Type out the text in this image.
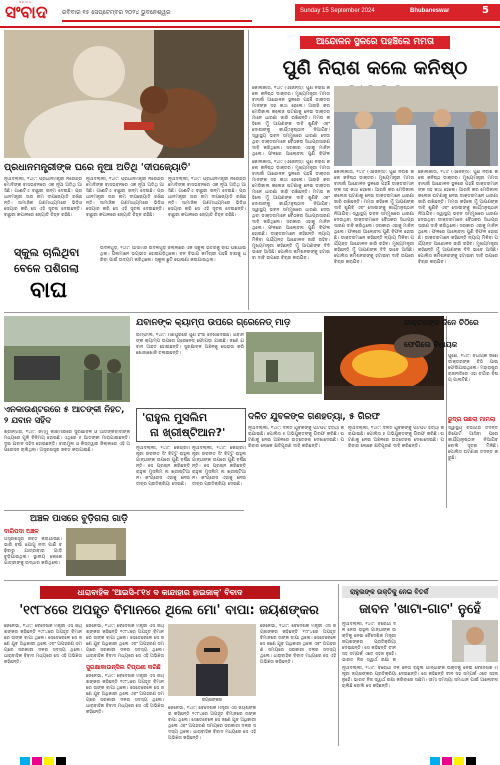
ସମ୍ବାଦ
ସଂବାଦ	ରବିବାର ୧୫ ସେପ୍ଟେମ୍ବର ୨୦୨୪ ଭୁବନେଶ୍ୱର	Sunday 15 September 2024	Bhubaneswar	5
ପ୍ରଧାନମନ୍ତ୍ରୀଙ୍କ ଘରେ ନୂଆ ଅତିଥି 'ଦୀପଜ୍ୟୋତି'
ନୂଆଦିଲ୍ଲୀ, ୧୪ା୯: ପ୍ରଧାନମନ୍ତ୍ରୀ ନରେନ୍ଦ୍ର ମୋଦିଙ୍କ ବାସଭବନରେ ଏକ ନୂଆ ଅତିଥି ଆସିଛି। ଗାଈଟିଏ ବାଛୁରୀ ଜନ୍ମ ଦେଇଛି। ପ୍ରଧାନମନ୍ତ୍ରୀ ତାର ନାମ ଦୀପଜ୍ୟୋତି ରଖିଛନ୍ତି। ସାମାଜିକ ଗଣମାଧ୍ୟମରେ ଭିଡିଓ ସେୟାର କରି ସେ ଏହି ସୂଚନା ଦେଇଛନ୍ତି। ବାଛୁରୀ କପାଳରେ ଜ୍ୟୋତି ଚିହ୍ନ ରହିଛି।
ନୂଆଦିଲ୍ଲୀ, ୧୪ା୯: ପ୍ରଧାନମନ୍ତ୍ରୀ ନରେନ୍ଦ୍ର ମୋଦିଙ୍କ ବାସଭବନରେ ଏକ ନୂଆ ଅତିଥି ଆସିଛି। ଗାଈଟିଏ ବାଛୁରୀ ଜନ୍ମ ଦେଇଛି। ପ୍ରଧାନମନ୍ତ୍ରୀ ତାର ନାମ ଦୀପଜ୍ୟୋତି ରଖିଛନ୍ତି। ସାମାଜିକ ଗଣମାଧ୍ୟମରେ ଭିଡିଓ ସେୟାର କରି ସେ ଏହି ସୂଚନା ଦେଇଛନ୍ତି। ବାଛୁରୀ କପାଳରେ ଜ୍ୟୋତି ଚିହ୍ନ ରହିଛି।
ନୂଆଦିଲ୍ଲୀ, ୧୪ା୯: ପ୍ରଧାନମନ୍ତ୍ରୀ ନରେନ୍ଦ୍ର ମୋଦିଙ୍କ ବାସଭବନରେ ଏକ ନୂଆ ଅତିଥି ଆସିଛି। ଗାଈଟିଏ ବାଛୁରୀ ଜନ୍ମ ଦେଇଛି। ପ୍ରଧାନମନ୍ତ୍ରୀ ତାର ନାମ ଦୀପଜ୍ୟୋତି ରଖିଛନ୍ତି। ସାମାଜିକ ଗଣମାଧ୍ୟମରେ ଭିଡିଓ ସେୟାର କରି ସେ ଏହି ସୂଚନା ଦେଇଛନ୍ତି। ବାଛୁରୀ କପାଳରେ ଜ୍ୟୋତି ଚିହ୍ନ ରହିଛି।
ସ୍କୁଲ ଚାଲିଥିବା
ବେଳେ ପଶିଗଲା
ବାଘ
ଉଦଳଗୁଡ଼ି, ୧୪ା୯: ଆସାମର ଉଦଳଗୁଡ଼ି ଜିଲ୍ଲାରେ ଏକ ସ୍କୁଲ ଭିତରକୁ ବାଘ ପଶିଯାଇଥିଲା। ପିଲାମାନେ ଭୟଭୀତ ହୋଇପଡ଼ିଥିଲେ। ବନ ବିଭାଗ କର୍ମଚାରୀ ପହଞ୍ଚି ବାଘକୁ ଧରିବା ପାଇଁ ଉଦ୍ୟମ କରିଥିଲେ। ସ୍କୁଲ ଛୁଟି ଘୋଷଣା କରାଯାଇଥିଲା।
ଆନ୍ଦୋଳନ ସ୍ଥଳରେ ପହଞ୍ଚିଲେ ମମତା
ପୁଣି ନିରାଶ କଲେ କନିଷ୍ଠ
କୋଲକାତା, ୧୪ା୯ (ଏଜେନ୍ସି): ପୁଣି ନିରାଶ କଲେ କନିଷ୍ଠ ଡାକ୍ତର। ମୁଖ୍ୟମନ୍ତ୍ରୀ ମମତା ବାନାର୍ଜୀ ଆନ୍ଦୋଳନ ସ୍ଥଳରେ ପହଞ୍ଚି ଡାକ୍ତରମାନଙ୍କ ସହ କଥା ହେଲେ। ଆରଜି କର ମେଡିକାଲ କଲେଜ ଘଟଣାକୁ ନେଇ ଡାକ୍ତରମାନେ ଧାରଣା ଜାରି ରଖିଛନ୍ତି। ମମତା କହିଲେ ମୁଁ ଆପଣଙ୍କ ଦାବି ଶୁଣିବି ଏବଂ ଦୋଷୀଙ୍କୁ କାର୍ଯ୍୯ାନୁଷ୍ଠାନ ନିଆଯିବ। ସ୍ୱାସ୍ଥ୍ୟ ଭବନ ସମ୍ମୁଖରେ ଧାରଣା ଦେଉଥିବା ଡାକ୍ତରମାନେ ବୈଠକର ସିଧାପ୍ରସାରଣ ଦାବି କରିଥିଲେ। ସରକାର ଏହାକୁ ମାନିନଥିଲେ। ଫଳରେ ଆଲୋଚନା ପୁଣି ବିଫଳ
କୋଲକାତା, ୧୪ା୯ (ଏଜେନ୍ସି): ପୁଣି ନିରାଶ କଲେ କନିଷ୍ଠ ଡାକ୍ତର। ମୁଖ୍ୟମନ୍ତ୍ରୀ ମମତା ବାନାର୍ଜୀ ଆନ୍ଦୋଳନ ସ୍ଥଳରେ ପହଞ୍ଚି ଡାକ୍ତରମାନଙ୍କ ସହ କଥା ହେଲେ। ଆରଜି କର ମେଡିକାଲ କଲେଜ ଘଟଣାକୁ ନେଇ ଡାକ୍ତରମାନେ ଧାରଣା ଜାରି ରଖିଛନ୍ତି। ମମତା କହିଲେ ମୁଁ ଆପଣଙ୍କ ଦାବି ଶୁଣିବି ଏବଂ ଦୋଷୀଙ୍କୁ କାର୍ଯ୍୯ାନୁଷ୍ଠାନ ନିଆଯିବ। ସ୍ୱାସ୍ଥ୍ୟ ଭବନ ସମ୍ମୁଖରେ ଧାରଣା ଦେଉଥିବା ଡାକ୍ତରମାନେ ବୈଠକର ସିଧାପ୍ରସାରଣ ଦାବି କରିଥିଲେ। ସରକାର ଏହାକୁ ମାନିନଥିଲେ। ଫଳରେ ଆଲୋଚନା ପୁଣି ବିଫଳ ହୋଇଛି। ଡାକ୍ତରମାନେ କହିଛନ୍ତି ନ୍ୟାୟ ମିଳିବା ପର୍ଯ୍ୟନ୍ତ ଆନ୍ଦୋଳନ ଜାରି ରହିବ। ମୁଖ୍ୟମନ୍ତ୍ରୀ କହିଛନ୍ତି ମୁଁ ଆପଣଙ୍କ ଦିଦି ଭାବେ ଆସିଛି। ପୋଲିସ କମିଶନରଙ୍କୁ ହଟାଇବା ଦାବି ଉପରେ ବିଚାର କରାଯିବ।
କୋଲକାତା, ୧୪ା୯ (ଏଜେନ୍ସି): ପୁଣି ନିରାଶ କଲେ କନିଷ୍ଠ ଡାକ୍ତର। ମୁଖ୍ୟମନ୍ତ୍ରୀ ମମତା ବାନାର୍ଜୀ ଆନ୍ଦୋଳନ ସ୍ଥଳରେ ପହଞ୍ଚି ଡାକ୍ତରମାନଙ୍କ ସହ କଥା ହେଲେ। ଆରଜି କର ମେଡିକାଲ କଲେଜ ଘଟଣାକୁ ନେଇ ଡାକ୍ତରମାନେ ଧାରଣା ଜାରି ରଖିଛନ୍ତି। ମମତା କହିଲେ ମୁଁ ଆପଣଙ୍କ ଦାବି ଶୁଣିବି ଏବଂ ଦୋଷୀଙ୍କୁ କାର୍ଯ୍୯ାନୁଷ୍ଠାନ ନିଆଯିବ। ସ୍ୱାସ୍ଥ୍ୟ ଭବନ ସମ୍ମୁଖରେ ଧାରଣା ଦେଉଥିବା ଡାକ୍ତରମାନେ ବୈଠକର ସିଧାପ୍ରସାରଣ ଦାବି କରିଥିଲେ। ସରକାର ଏହାକୁ ମାନିନଥିଲେ। ଫଳରେ ଆଲୋଚନା ପୁଣି ବିଫଳ ହୋଇଛି। ଡାକ୍ତରମାନେ କହିଛନ୍ତି ନ୍ୟାୟ ମିଳିବା ପର୍ଯ୍ୟନ୍ତ ଆନ୍ଦୋଳନ ଜାରି ରହିବ। ମୁଖ୍ୟମନ୍ତ୍ରୀ କହିଛନ୍ତି ମୁଁ ଆପଣଙ୍କ ଦିଦି ଭାବେ ଆସିଛି। ପୋଲିସ କମିଶନରଙ୍କୁ ହଟାଇବା ଦାବି ଉପରେ ବିଚାର କରାଯିବ।
କୋଲକାତା, ୧୪ା୯ (ଏଜେନ୍ସି): ପୁଣି ନିରାଶ କଲେ କନିଷ୍ଠ ଡାକ୍ତର। ମୁଖ୍ୟମନ୍ତ୍ରୀ ମମତା ବାନାର୍ଜୀ ଆନ୍ଦୋଳନ ସ୍ଥଳରେ ପହଞ୍ଚି ଡାକ୍ତରମାନଙ୍କ ସହ କଥା ହେଲେ। ଆରଜି କର ମେଡିକାଲ କଲେଜ ଘଟଣାକୁ ନେଇ ଡାକ୍ତରମାନେ ଧାରଣା ଜାରି ରଖିଛନ୍ତି। ମମତା କହିଲେ ମୁଁ ଆପଣଙ୍କ ଦାବି ଶୁଣିବି ଏବଂ ଦୋଷୀଙ୍କୁ କାର୍ଯ୍୯ାନୁଷ୍ଠାନ ନିଆଯିବ। ସ୍ୱାସ୍ଥ୍ୟ ଭବନ ସମ୍ମୁଖରେ ଧାରଣା ଦେଉଥିବା ଡାକ୍ତରମାନେ ବୈଠକର ସିଧାପ୍ରସାରଣ ଦାବି କରିଥିଲେ। ସରକାର ଏହାକୁ ମାନିନଥିଲେ। ଫଳରେ ଆଲୋଚନା ପୁଣି ବିଫଳ ହୋଇଛି। ଡାକ୍ତରମାନେ କହିଛନ୍ତି ନ୍ୟାୟ ମିଳିବା ପର୍ଯ୍ୟନ୍ତ ଆନ୍ଦୋଳନ ଜାରି ରହିବ। ମୁଖ୍ୟମନ୍ତ୍ରୀ କହିଛନ୍ତି ମୁଁ ଆପଣଙ୍କ ଦିଦି ଭାବେ ଆସିଛି। ପୋଲିସ କମିଶନରଙ୍କୁ ହଟାଇବା ଦାବି ଉପରେ ବିଚାର କରାଯିବ।
ଏନକାଉଣ୍ଟରରେ ୫ ଆତଙ୍କୀ ନିହତ, ୨ ଯବାନ ସହିଦ
ଶ୍ରୀନଗର, ୧୪ା୯: ଜମ୍ମୁ କାଶ୍ମୀରରେ ସୁରକ୍ଷାବଳ ଓ ଆତଙ୍କବାଦୀଙ୍କ ମଧ୍ୟରେ ଗୁଳି ବିନିମୟ ହୋଇଛି। ଏଥିରେ ୫ ଆତଙ୍କୀ ମାରାଯାଇଛନ୍ତି। ଦୁଇ ଯବାନ ସହିଦ ହୋଇଛନ୍ତି। ବାରାମୁଲା ଓ କିସ୍ତୱାର ଜିଲ୍ଲାରେ ଏହି ଅପରେସନ ଚାଲିଥିଲା। ଅସ୍ତ୍ରଶସ୍ତ୍ର ଜବତ କରାଯାଇଛି।
ଅଞ୍ଚଳ ପାସରେ ବୁଡ଼ିଗଲା ଗାଡ଼ି
ବାରିପଦା ଅଞ୍ଚଳ
ଅସ୍ତ୍ରଶସ୍ତ୍ର ଜବତ କରାଯାଇଛି। ଭାରି ବର୍ଷା ଯୋଗୁ ନଦୀ ପାଣି ବଢ଼ିବାରୁ ଯାତ୍ରୀବାହୀ ଗାଡ଼ି ବୁଡ଼ିଯାଇଥିଲା। ସ୍ଥାନୀୟ ଲୋକେ ଯାତ୍ରୀଙ୍କୁ ଉଦ୍ଧାର କରିଥିଲେ।
ଯବାନଙ୍କ କ୍ୟାମ୍ପ ଉପରେ ଗ୍ରେନେଡ୍ ମାଡ଼
ଇମ୍ଫାଲ, ୧୪ା୯: ମଣିପୁରରେ ପୁଣି ହିଂସା ଦେଖାଦେଇଛି। ଯବାନଙ୍କ କ୍ୟାମ୍ପ ଉପରେ ଗ୍ରେନେଡ୍ ଫୋପଡ଼ା ଯାଇଛି। ଜଣେ ଯବାନ ଆହତ ହୋଇଛନ୍ତି। ସୁରକ୍ଷାବଳ ଅଞ୍ଚଳକୁ ଘେରାଉ କରି ଖୋଜାଖୋଜି ଚଳାଇଛନ୍ତି।
'ରାହୁଲ ମୁସଲିମ
ନା ଖ୍ରୀଷ୍ଟିଆନ?'
ନୂଆଦିଲ୍ଲୀ, ୧୪ା୯: କେନ୍ଦ୍ରମନ୍ତ୍ରୀ ରବନୀତ ସିଂ ବିଟ୍ଟୁ ରାହୁଲ ଗାନ୍ଧୀଙ୍କ ଉପରେ ପୁଣି ବର୍ଷିଛନ୍ତି। ସେ ପ୍ରଶ୍ନ କରିଛନ୍ତି ରାହୁଲ ମୁସଲିମ ନା ଖ୍ରୀଷ୍ଟିଆନ। କଂଗ୍ରେସ ଏହାକୁ ନେଇ ତୀବ୍ର ପ୍ରତିକ୍ରିୟା ଦେଇଛି।
ନୂଆଦିଲ୍ଲୀ, ୧୪ା୯: କେନ୍ଦ୍ରମନ୍ତ୍ରୀ ରବନୀତ ସିଂ ବିଟ୍ଟୁ ରାହୁଲ ଗାନ୍ଧୀଙ୍କ ଉପରେ ପୁଣି ବର୍ଷିଛନ୍ତି। ସେ ପ୍ରଶ୍ନ କରିଛନ୍ତି ରାହୁଲ ମୁସଲିମ ନା ଖ୍ରୀଷ୍ଟିଆନ। କଂଗ୍ରେସ ଏହାକୁ ନେଇ ତୀବ୍ର ପ୍ରତିକ୍ରିୟା ଦେଇଛି।
ଦଳିତ ଯୁବକଙ୍କ ଗଣହତ୍ୟା, ୫ ଗିରଫ
ନୂଆଦିଲ୍ଲୀ, ୧୪ା୯: ଦଳିତ ଯୁବକଙ୍କୁ ପିଟିପିଟି ହତ୍ୟା କରାଯାଇଛି। ପୋଲିସ ୫ ଅଭିଯୁକ୍ତଙ୍କୁ ଗିରଫ କରିଛି। ଘଟଣାକୁ ନେଇ ଅଞ୍ଚଳରେ ଉତ୍ତେଜନା ଦେଖାଦେଇଛି। ପରିବାର ଲୋକେ କ୍ଷତିପୂରଣ ଦାବି କରିଛନ୍ତି।
ନୂଆଦିଲ୍ଲୀ, ୧୪ା୯: ଦଳିତ ଯୁବକଙ୍କୁ ପିଟିପିଟି ହତ୍ୟା କରାଯାଇଛି। ପୋଲିସ ୫ ଅଭିଯୁକ୍ତଙ୍କୁ ଗିରଫ କରିଛି। ଘଟଣାକୁ ନେଇ ଅଞ୍ଚଳରେ ଉତ୍ତେଜନା ଦେଖାଦେଇଛି। ପରିବାର ଲୋକେ କ୍ଷତିପୂରଣ ଦାବି କରିଛନ୍ତି।
ଡାକ୍ତରଙ୍କ ଦିନେ ଚିଠିରେ
ଫେରିଲେ ବିଧାୟକ
ପୁଣେ, ୧୪ା୯: ବିଧାୟକ ଜଣେ ଡାକ୍ତରଙ୍କ ଚିଠି ପାଇ ଫେରିଯାଇଥିଲେ। ମହାରାଷ୍ଟ୍ର ରାଜନୀତିରେ ଏହା ଚର୍ଚ୍ଚାର ବିଷୟ ପାଲଟିଛି।
ରୁଦ୍ର ଉଛଲା ମାମଲା
ସ୍ୱାସ୍ଥ୍ୟ ବିଭାଗର ତଦନ୍ତ ରିପୋର୍ଟ ଆସିବା ପରେ କାର୍ଯ୍ୟାନୁଷ୍ଠାନ ନିଆଯିବ ବୋଲି ସୂଚନା ମିଳିଛି। ପୋଲିସ ଘଟଣାର ତଦନ୍ତ କରୁଛି।
ଧାରାବାହିକ 'ଆଇସି-୮୧୪ ଦ କାନ୍ଦାହାର ହାଇଜାକ୍' ବିବାଦ
'୧୯୮୪ରେ ଅପହୃତ ବିମାନରେ ଥିଲେ ମୋ' ବାପା: ଜୟଶଙ୍କର
ଜେନେଭା, ୧୪ା୯: ବୈଦେଶିକ ମନ୍ତ୍ରୀ ଏସ ଜୟଶଙ୍କର କହିଛନ୍ତି ୧୯୮୪ରେ ଅପହୃତ ବିମାନରେ ତାଙ୍କ ବାପା ଥିଲେ। ସେତେବେଳେ ସେ ଜଣେ ଯୁବ ଅଧିକାରୀ ଥିଲେ ଏବଂ ଅପହରଣ ସମୟରେ ସରକାରୀ ଦଳର ସଦସ୍ୟ ଥିଲେ। ଧାରାବାହିକ ବିବାଦ ମଧ୍ୟରେ ସେ ଏହି ଅଭିଜ୍ଞତା କହିଛନ୍ତି।
ଜେନେଭା, ୧୪ା୯: ବୈଦେଶିକ ମନ୍ତ୍ରୀ ଏସ ଜୟଶଙ୍କର କହିଛନ୍ତି ୧୯୮୪ରେ ଅପହୃତ ବିମାନରେ ତାଙ୍କ ବାପା ଥିଲେ। ସେତେବେଳେ ସେ ଜଣେ ଯୁବ ଅଧିକାରୀ ଥିଲେ ଏବଂ ଅପହରଣ ସମୟରେ ସରକାରୀ ଦଳର ସଦସ୍ୟ ଥିଲେ। ଧାରାବାହିକ ବିବାଦ ମଧ୍ୟରେ ସେ ଏହି ଅଭିଜ୍ଞତା
ସୁରକ୍ଷାକାଉନ୍ସିଲ ଟିପ୍ପଣୀ କରିଛି
ଜେନେଭା, ୧୪ା୯: ବୈଦେଶିକ ମନ୍ତ୍ରୀ ଏସ ଜୟଶଙ୍କର କହିଛନ୍ତି ୧୯୮୪ରେ ଅପହୃତ ବିମାନରେ ତାଙ୍କ ବାପା ଥିଲେ। ସେତେବେଳେ ସେ ଜଣେ ଯୁବ ଅଧିକାରୀ ଥିଲେ ଏବଂ ଅପହରଣ ସମୟରେ ସରକାରୀ ଦଳର ସଦସ୍ୟ ଥିଲେ। ଧାରାବାହିକ ବିବାଦ ମଧ୍ୟରେ ସେ ଏହି ଅଭିଜ୍ଞତା କହିଛନ୍ତି।
ଜୟଶଙ୍କର
ଜେନେଭା, ୧୪ା୯: ବୈଦେଶିକ ମନ୍ତ୍ରୀ ଏସ ଜୟଶଙ୍କର କହିଛନ୍ତି ୧୯୮୪ରେ ଅପହୃତ ବିମାନରେ ତାଙ୍କ ବାପା ଥିଲେ। ସେତେବେଳେ ସେ ଜଣେ ଯୁବ ଅଧିକାରୀ ଥିଲେ ଏବଂ ଅପହରଣ ସମୟରେ ସରକାରୀ ଦଳର ସଦସ୍ୟ ଥିଲେ। ଧାରାବାହିକ ବିବାଦ ମଧ୍ୟରେ ସେ ଏହି ଅଭିଜ୍ଞତା କହିଛନ୍ତି।
ଜେନେଭା, ୧୪ା୯: ବୈଦେଶିକ ମନ୍ତ୍ରୀ ଏସ ଜୟଶଙ୍କର କହିଛନ୍ତି ୧୯୮୪ରେ ଅପହୃତ ବିମାନରେ ତାଙ୍କ ବାପା ଥିଲେ। ସେତେବେଳେ ସେ ଜଣେ ଯୁବ ଅଧିକାରୀ ଥିଲେ ଏବଂ ଅପହରଣ ସମୟରେ ସରକାରୀ ଦଳର ସଦସ୍ୟ ଥିଲେ। ଧାରାବାହିକ ବିବାଦ ମଧ୍ୟରେ ସେ ଏହି ଅଭିଜ୍ଞତା କହିଛନ୍ତି।
ରାହୁଲଙ୍କ ଉକ୍ତିକୁ ନେଇ ବିତର୍କ
ଜାବନ 'ଖାଟା-ଗାଟ' ନୁହେଁ
ନୂଆଦିଲ୍ଲୀ, ୧୪ା୯: ବିରୋଧୀ ଦଳ ନେତା ରାହୁଲ ଗାନ୍ଧୀଙ୍କ ଉକ୍ତିକୁ ନେଇ ବୈଦେଶିକ ମନ୍ତ୍ରୀ ଜୟଶଙ୍କର ପ୍ରତିକ୍ରିୟା ଦେଇଛନ୍ତି। ସେ କହିଛନ୍ତି ଚୀନ ସହ ସମ୍ପର୍କ ଏତେ ସହଜ ନୁହେଁ। ଭାରତ ନିଜ ସ୍ୱାର୍ଥ ରକ୍ଷା କ
ନୂଆଦିଲ୍ଲୀ, ୧୪ା୯: ବିରୋଧୀ ଦଳ ନେତା ରାହୁଲ ଗାନ୍ଧୀଙ୍କ ଉକ୍ତିକୁ ନେଇ ବୈଦେଶିକ ମନ୍ତ୍ରୀ ଜୟଶଙ୍କର ପ୍ରତିକ୍ରିୟା ଦେଇଛନ୍ତି। ସେ କହିଛନ୍ତି ଚୀନ ସହ ସମ୍ପର୍କ ଏତେ ସହଜ ନୁହେଁ। ଭାରତ ନିଜ ସ୍ୱାର୍ଥ ରକ୍ଷା କରିବାରେ ସକ୍ଷମ। ସୀମା ସମସ୍ୟା ସମାଧାନ ପାଇଁ ଆଲୋଚନା ଚାଲିଛି ବୋଲି ସେ କହିଛନ୍ତି।
